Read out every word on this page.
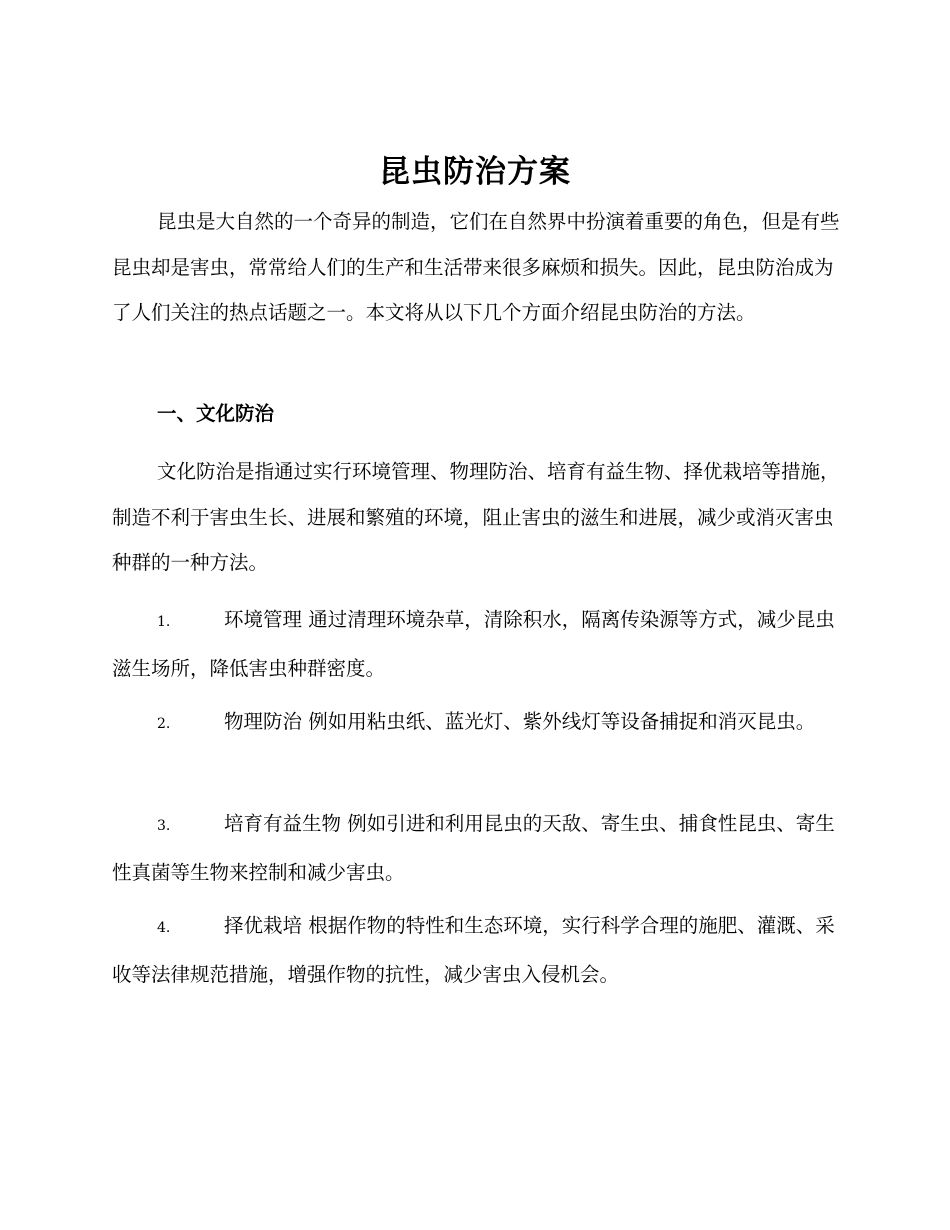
昆虫防治方案

昆虫是大自然的一个奇异的制造，它们在自然界中扮演着重要的角色，但是有些昆虫却是害虫，常常给人们的生产和生活带来很多麻烦和损失。因此，昆虫防治成为了人们关注的热点话题之一。本文将从以下几个方面介绍昆虫防治的方法。

一、文化防治

文化防治是指通过实行环境管理、物理防治、培育有益生物、择优栽培等措施，制造不利于害虫生长、进展和繁殖的环境，阻止害虫的滋生和进展，减少或消灭害虫种群的一种方法。

1.	环境管理 通过清理环境杂草，清除积水，隔离传染源等方式，减少昆虫滋生场所，降低害虫种群密度。

2.	物理防治 例如用粘虫纸、蓝光灯、紫外线灯等设备捕捉和消灭昆虫。

3.	培育有益生物 例如引进和利用昆虫的天敌、寄生虫、捕食性昆虫、寄生性真菌等生物来控制和减少害虫。

4.	择优栽培 根据作物的特性和生态环境，实行科学合理的施肥、灌溉、采收等法律规范措施，增强作物的抗性，减少害虫入侵机会。
